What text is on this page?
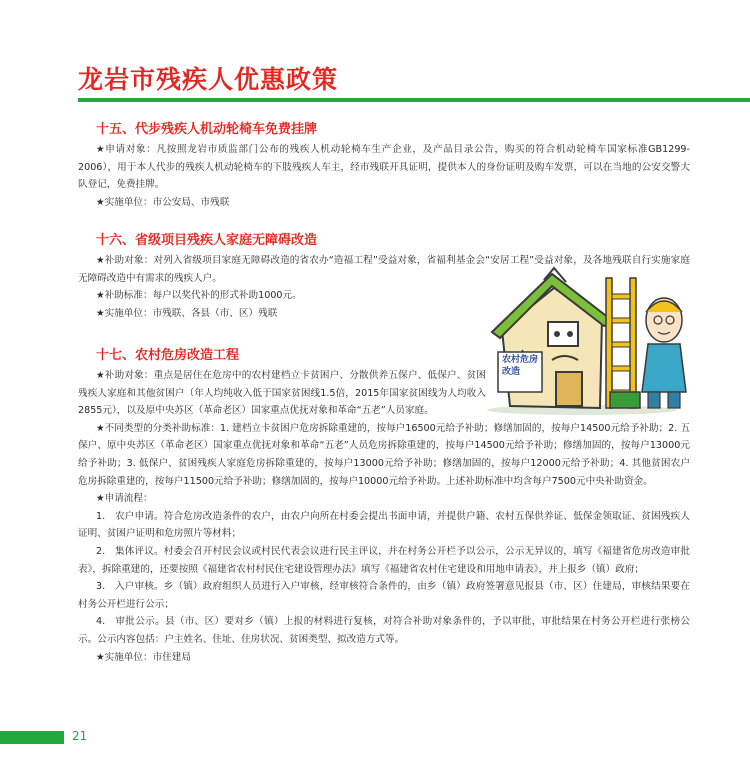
龙岩市残疾人优惠政策
十五、代步残疾人机动轮椅车免费挂牌

★申请对象：凡按照龙岩市质监部门公布的残疾人机动轮椅车生产企业，及产品目录公告，购买的符合机动轮椅车国家标准GB1299-2006），用于本人代步的残疾人机动轮椅车的下肢残疾人车主，经市残联开具证明，提供本人的身份证明及购车发票，可以在当地的公安交警大队登记，免费挂牌。

★实施单位：市公安局、市残联

十六、省级项目残疾人家庭无障碍改造

★补助对象：对列入省级项目家庭无障碍改造的省农办“造福工程”受益对象，省福利基金会“安居工程”受益对象，及各地残联自行实施家庭无障碍改造中有需求的残疾人户。

★补助标准：每户以奖代补的形式补助1000元。

★实施单位：市残联、各县（市、区）残联

十七、农村危房改造工程

★补助对象：重点是居住在危房中的农村建档立卡贫困户、分散供养五保户、低保户、贫困残疾人家庭和其他贫困户（年人均纯收入低于国家贫困线1.5倍，2015年国家贫困线为人均收入2855元），以及原中央苏区（革命老区）国家重点优抚对象和革命“五老”人员家庭。

★不同类型的分类补助标准：1. 建档立卡贫困户危房拆除重建的，按每户16500元给予补助；修缮加固的，按每户14500元给予补助；2. 五保户、原中央苏区（革命老区）国家重点优抚对象和革命“五老”人员危房拆除重建的，按每户14500元给予补助；修缮加固的，按每户13000元给予补助；3. 低保户、贫困残疾人家庭危房拆除重建的，按每户13000元给予补助；修缮加固的，按每户12000元给予补助；4. 其他贫困农户危房拆除重建的，按每户11500元给予补助；修缮加固的，按每户10000元给予补助。上述补助标准中均含每户7500元中央补助资金。

★申请流程：

1.　农户申请。符合危房改造条件的农户，由农户向所在村委会提出书面申请，并提供户籍、农村五保供养证、低保金领取证、贫困残疾人证明、贫困户证明和危房照片等材料；

2.　集体评议。村委会召开村民会议或村民代表会议进行民主评议，并在村务公开栏予以公示，公示无异议的，填写《福建省危房改造审批表》，拆除重建的，还要按照《福建省农村村民住宅建设管理办法》填写《福建省农村住宅建设和用地申请表》，并上报乡（镇）政府；

3.　入户审核。乡（镇）政府组织人员进行入户审核，经审核符合条件的，由乡（镇）政府签署意见报县（市、区）住建局，审核结果要在村务公开栏进行公示；

4.　审批公示。县（市、区）要对乡（镇）上报的材料进行复核，对符合补助对象条件的，予以审批，审批结果在村务公开栏进行张榜公示。公示内容包括：户主姓名、住址、住房状况、贫困类型、拟改造方式等。

★实施单位：市住建局

农村危房改造
21
